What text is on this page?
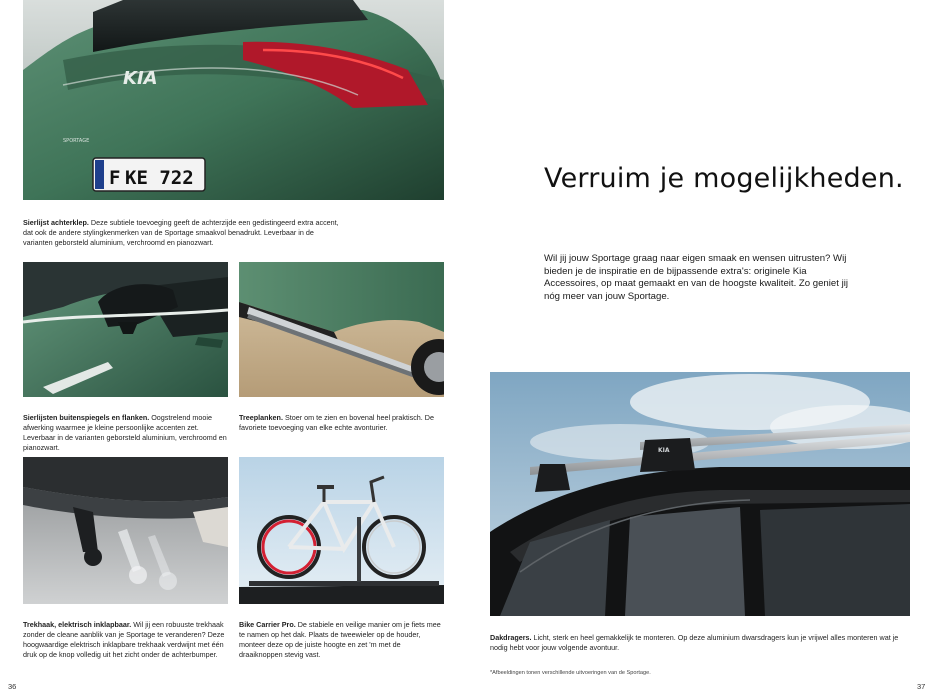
KIA
SPORTAGE
F KE 722
Sierlijst achterklep. Deze subtiele toevoeging geeft de achterzijde een gedistingeerd extra accent, dat ook de andere stylingkenmerken van de Sportage smaakvol benadrukt. Leverbaar in de varianten geborsteld aluminium, verchroomd en pianozwart.
Sierlijsten buitenspiegels en flanken. Oogstrelend mooie afwerking waarmee je kleine persoonlijke accenten zet. Leverbaar in de varianten geborsteld aluminium, verchroomd en pianozwart.
Treeplanken. Stoer om te zien en bovenal heel praktisch. De favoriete toevoeging van elke echte avonturier.
Trekhaak, elektrisch inklapbaar. Wil jij een robuuste trekhaak zonder de cleane aanblik van je Sportage te veranderen? Deze hoogwaardige elektrisch inklapbare trekhaak verdwijnt met één druk op de knop volledig uit het zicht onder de achterbumper.
Bike Carrier Pro. De stabiele en veilige manier om je fiets mee te namen op het dak. Plaats de tweewieler op de houder, monteer deze op de juiste hoogte en zet 'm met de draaiknoppen stevig vast.
36
Verruim je mogelijkheden.

Wil jij jouw Sportage graag naar eigen smaak en wensen uitrusten? Wij bieden je de inspiratie en de bijpassende extra's: originele Kia Accessoires, op maat gemaakt en van de hoogste kwaliteit. Zo geniet jij nóg meer van jouw Sportage.

KIA
Dakdragers. Licht, sterk en heel gemakkelijk te monteren. Op deze aluminium dwarsdragers kun je vrijwel alles monteren wat je nodig hebt voor jouw volgende avontuur.
*Afbeeldingen tonen verschillende uitvoeringen van de Sportage.
37
